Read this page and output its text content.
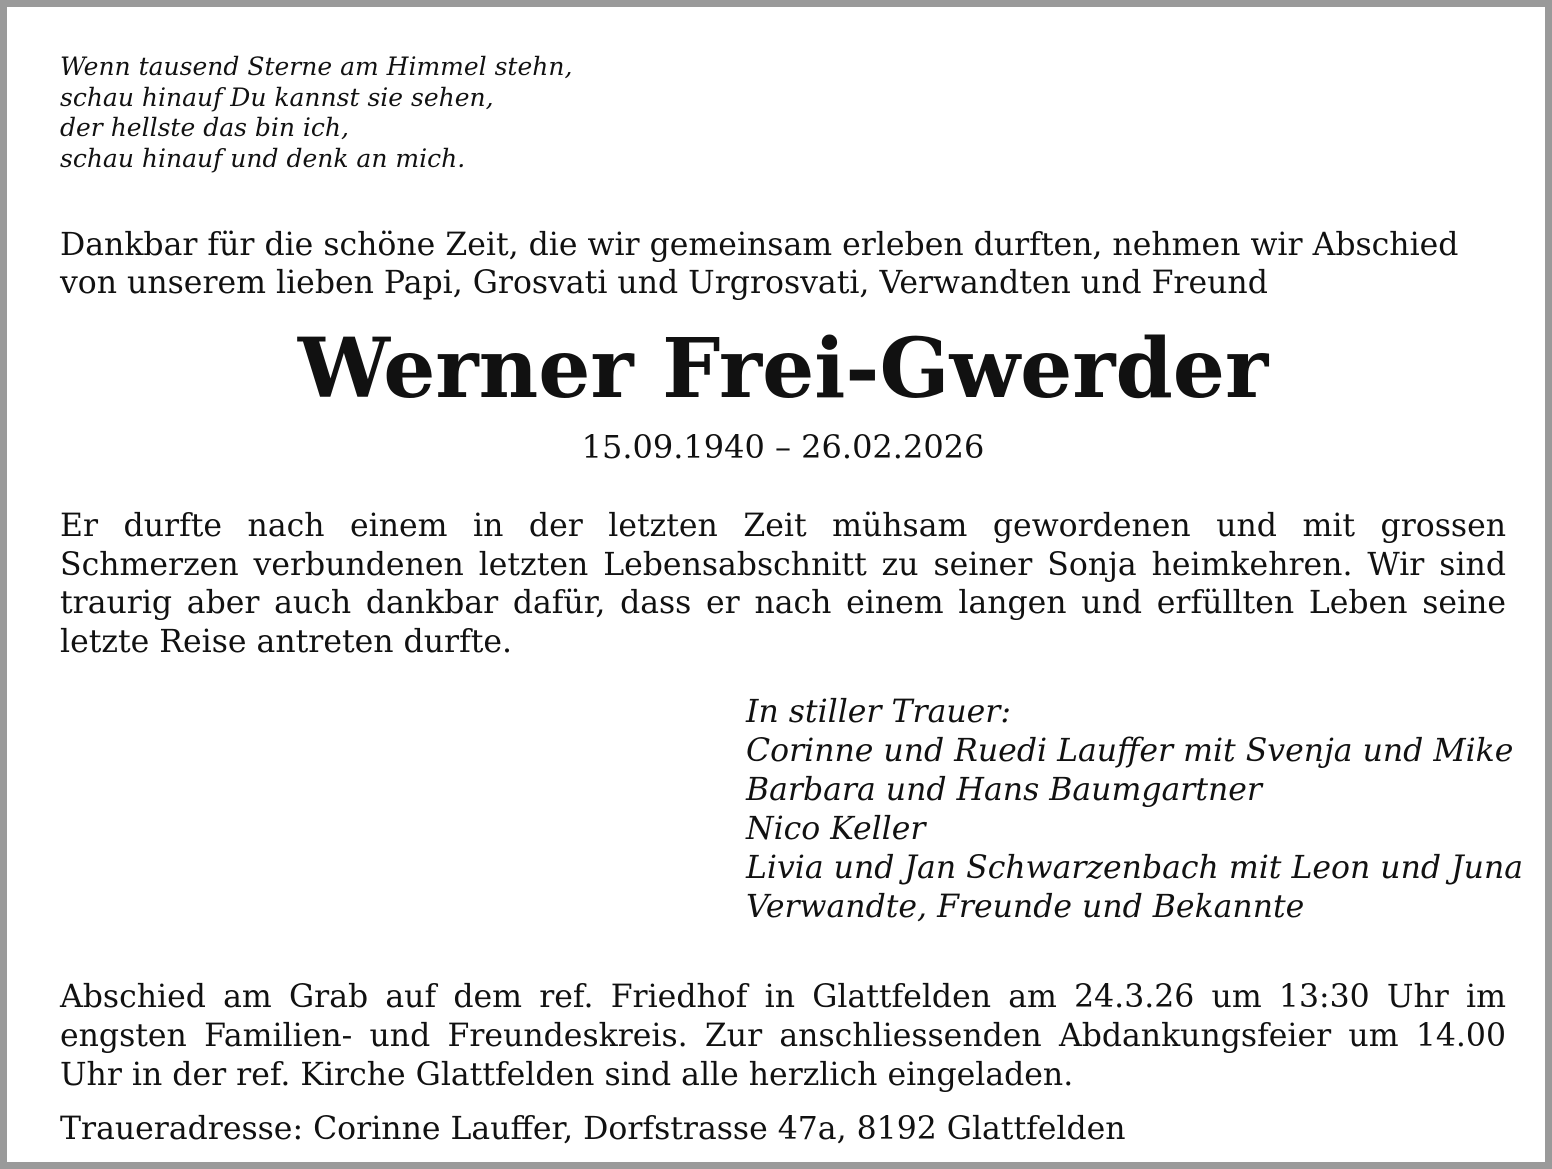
Wenn tausend Sterne am Himmel stehn,
schau hinauf Du kannst sie sehen,
der hellste das bin ich,
schau hinauf und denk an mich.
Dankbar für die schöne Zeit, die wir gemeinsam erleben durften, nehmen wir Abschied
von unserem lieben Papi, Grosvati und Urgrosvati, Verwandten und Freund
Werner Frei-Gwerder
15.09.1940 – 26.02.2026
Er durfte nach einem in der letzten Zeit mühsam gewordenen und mit grossen Schmerzen verbundenen letzten Lebensabschnitt zu seiner Sonja heimkehren. Wir sind traurig aber auch dankbar dafür, dass er nach einem langen und erfüllten Leben seine letzte Reise antreten durfte.
In stiller Trauer:
Corinne und Ruedi Lauffer mit Svenja und Mike
Barbara und Hans Baumgartner
Nico Keller
Livia und Jan Schwarzenbach mit Leon und Juna
Verwandte, Freunde und Bekannte
Abschied am Grab auf dem ref. Friedhof in Glattfelden am 24.3.26 um 13:30 Uhr im engsten Familien- und Freundeskreis. Zur anschliessenden Abdankungsfeier um 14.00 Uhr in der ref. Kirche Glattfelden sind alle herzlich eingeladen.
Traueradresse: Corinne Lauffer, Dorfstrasse 47a, 8192 Glattfelden
